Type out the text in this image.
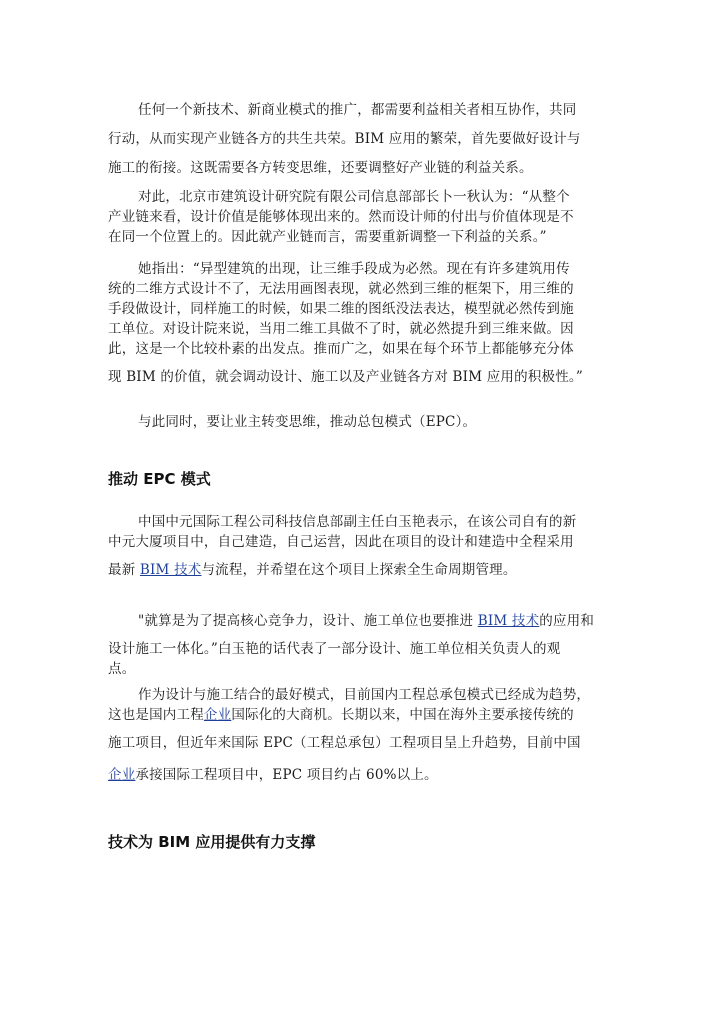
任何一个新技术、新商业模式的推广，都需要利益相关者相互协作，共同
行动，从而实现产业链各方的共生共荣。BIM 应用的繁荣，首先要做好设计与
施工的衔接。这既需要各方转变思维，还要调整好产业链的利益关系。
对此，北京市建筑设计研究院有限公司信息部部长卜一秋认为：“从整个
产业链来看，设计价值是能够体现出来的。然而设计师的付出与价值体现是不
在同一个位置上的。因此就产业链而言，需要重新调整一下利益的关系。”
她指出：“异型建筑的出现，让三维手段成为必然。现在有许多建筑用传
统的二维方式设计不了，无法用画图表现，就必然到三维的框架下，用三维的
手段做设计，同样施工的时候，如果二维的图纸没法表达，模型就必然传到施
工单位。对设计院来说，当用二维工具做不了时，就必然提升到三维来做。因
此，这是一个比较朴素的出发点。推而广之，如果在每个环节上都能够充分体
现 BIM 的价值，就会调动设计、施工以及产业链各方对 BIM 应用的积极性。”
与此同时，要让业主转变思维，推动总包模式（EPC）。
推动 EPC 模式
中国中元国际工程公司科技信息部副主任白玉艳表示，在该公司自有的新
中元大厦项目中，自己建造，自己运营，因此在项目的设计和建造中全程采用
最新 BIM 技术与流程，并希望在这个项目上探索全生命周期管理。
"就算是为了提高核心竞争力，设计、施工单位也要推进 BIM 技术的应用和
设计施工一体化。”白玉艳的话代表了一部分设计、施工单位相关负责人的观
点。
作为设计与施工结合的最好模式，目前国内工程总承包模式已经成为趋势，
这也是国内工程企业国际化的大商机。长期以来，中国在海外主要承接传统的
施工项目，但近年来国际 EPC（工程总承包）工程项目呈上升趋势，目前中国
企业承接国际工程项目中，EPC 项目约占 60%以上。
技术为 BIM 应用提供有力支撑
